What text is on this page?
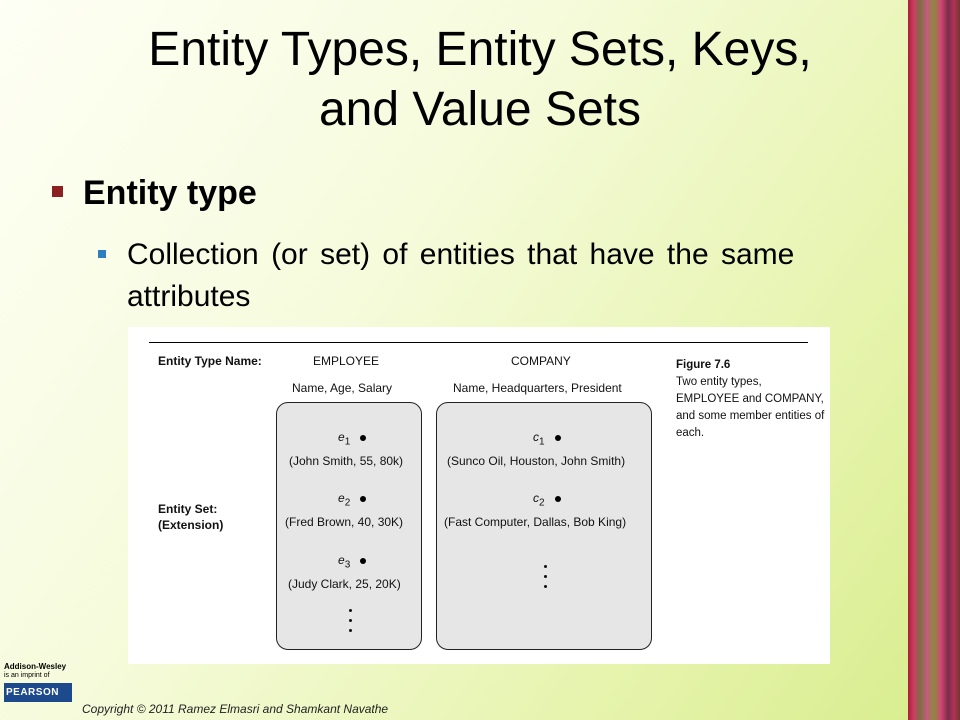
Entity Types, Entity Sets, Keys,
and Value Sets
Entity type
Collection (or set) of entities that have the same attributes
Entity Type Name:	EMPLOYEE	COMPANY
Name, Age, Salary	Name, Headquarters, President
Entity Set:
(Extension)
$e_1$
(John Smith, 55, 80k)
$e_2$
(Fred Brown, 40, 30K)
$e_3$
(Judy Clark, 25, 20K)
$c_1$
(Sunco Oil, Houston, John Smith)
$c_2$
(Fast Computer, Dallas, Bob King)
Figure 7.6
Two entity types, EMPLOYEE and COMPANY, and some member entities of each.
Addison-Wesley
is an imprint of
PEARSON
Copyright © 2011 Ramez Elmasri and Shamkant Navathe
